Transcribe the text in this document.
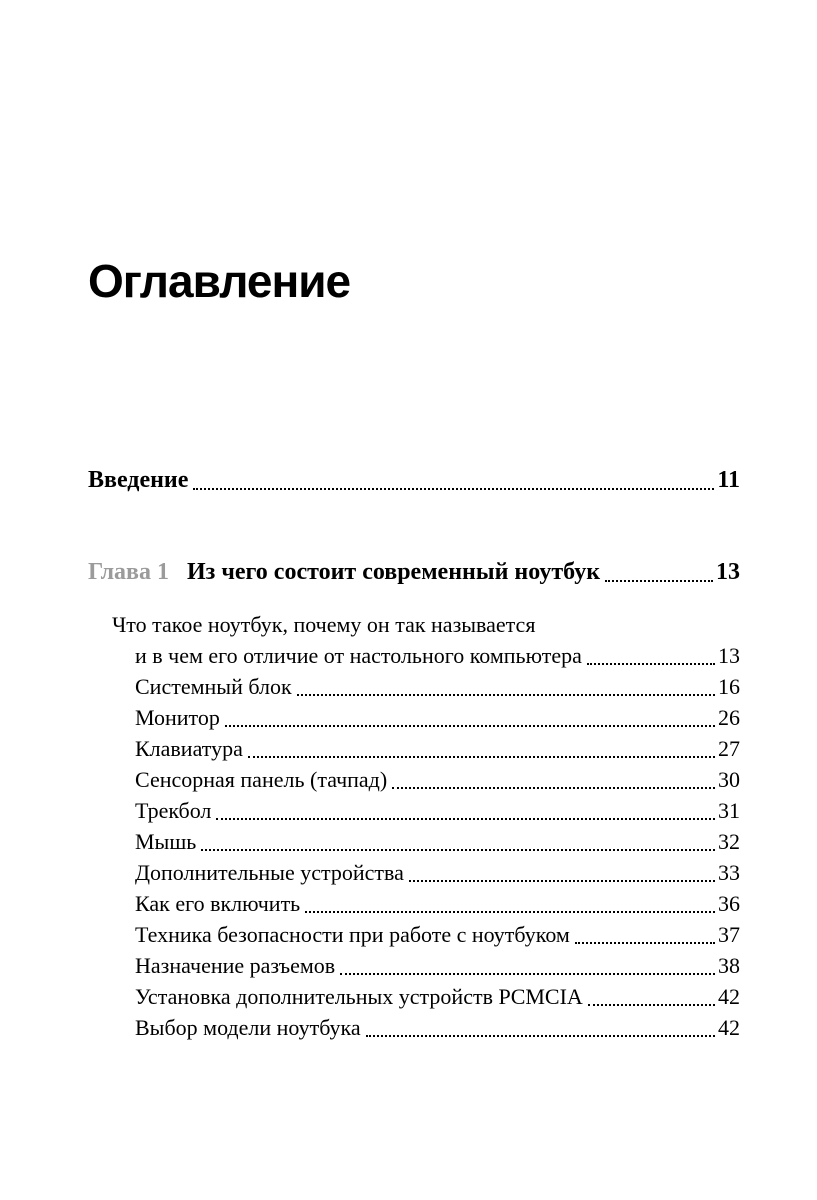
Оглавление
Введение	11
Глава 1 Из чего состоит современный ноутбук	13
Что такое ноутбук, почему он так называется
и в чем его отличие от настольного компьютера	13
Системный блок	16
Монитор	26
Клавиатура	27
Сенсорная панель (тачпад)	30
Трекбол	31
Мышь	32
Дополнительные устройства	33
Как его включить	36
Техника безопасности при работе с ноутбуком	37
Назначение разъемов	38
Установка дополнительных устройств PCMCIA	42
Выбор модели ноутбука	42
